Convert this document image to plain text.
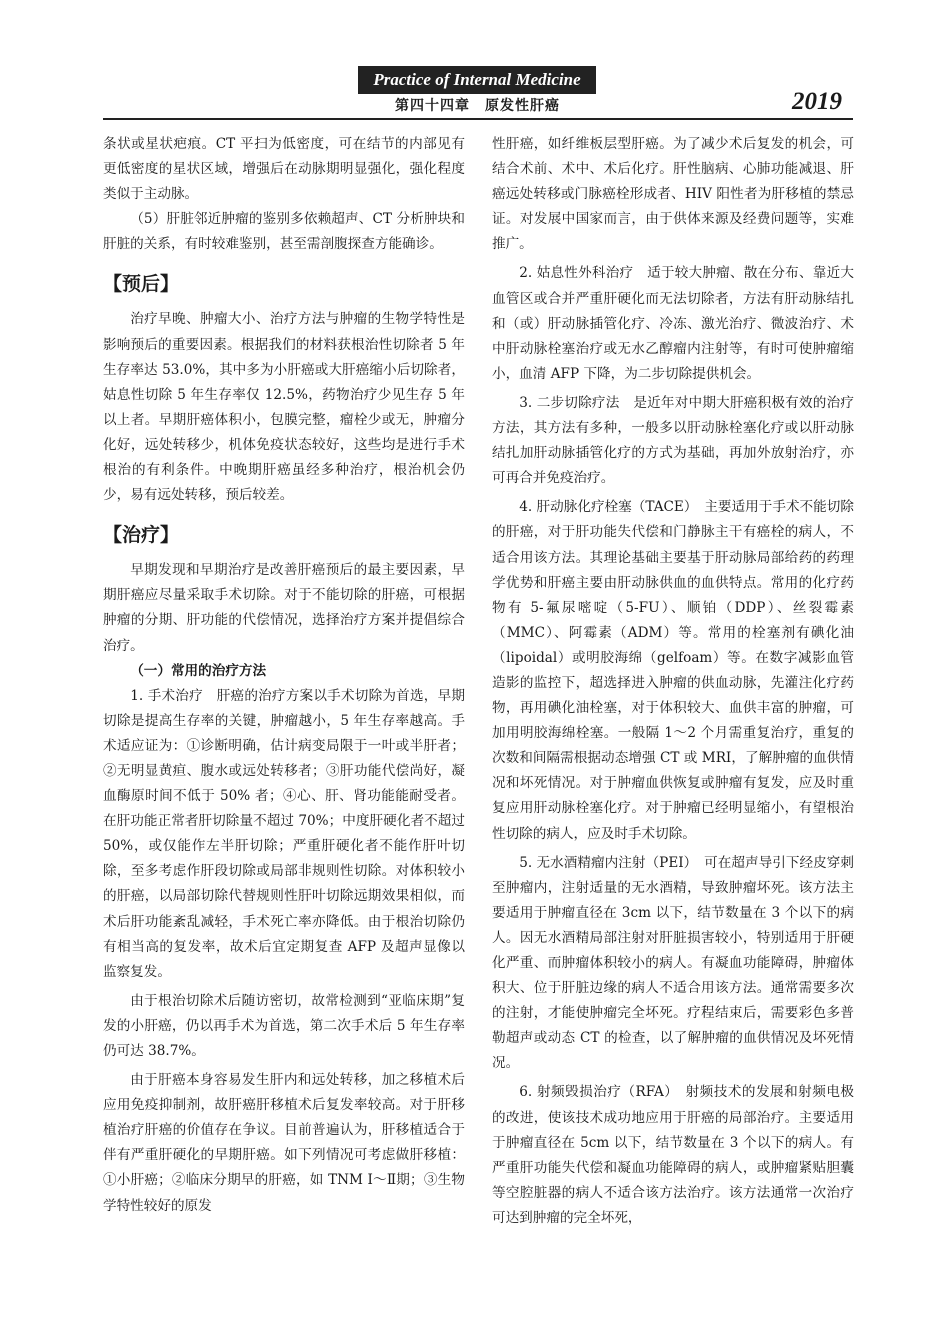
Practice of Internal Medicine
第四十四章　原发性肝癌	2019

条状或星状疤痕。CT 平扫为低密度，可在结节的内部见有更低密度的星状区域，增强后在动脉期明显强化，强化程度类似于主动脉。

（5）肝脏邻近肿瘤的鉴别多依赖超声、CT 分析肿块和肝脏的关系，有时较难鉴别，甚至需剖腹探查方能确诊。

【预后】

治疗早晚、肿瘤大小、治疗方法与肿瘤的生物学特性是影响预后的重要因素。根据我们的材料获根治性切除者 5 年生存率达 53.0%，其中多为小肝癌或大肝癌缩小后切除者，姑息性切除 5 年生存率仅 12.5%，药物治疗少见生存 5 年以上者。早期肝癌体积小，包膜完整，瘤栓少或无，肿瘤分化好，远处转移少，机体免疫状态较好，这些均是进行手术根治的有利条件。中晚期肝癌虽经多种治疗，根治机会仍少，易有远处转移，预后较差。

【治疗】

早期发现和早期治疗是改善肝癌预后的最主要因素，早期肝癌应尽量采取手术切除。对于不能切除的肝癌，可根据肿瘤的分期、肝功能的代偿情况，选择治疗方案并提倡综合治疗。

（一）常用的治疗方法

1. 手术治疗　肝癌的治疗方案以手术切除为首选，早期切除是提高生存率的关键，肿瘤越小，5 年生存率越高。手术适应证为：①诊断明确，估计病变局限于一叶或半肝者；②无明显黄疸、腹水或远处转移者；③肝功能代偿尚好，凝血酶原时间不低于 50% 者；④心、肝、肾功能能耐受者。在肝功能正常者肝切除量不超过 70%；中度肝硬化者不超过 50%，或仅能作左半肝切除；严重肝硬化者不能作肝叶切除，至多考虑作肝段切除或局部非规则性切除。对体积较小的肝癌，以局部切除代替规则性肝叶切除远期效果相似，而术后肝功能紊乱减轻，手术死亡率亦降低。由于根治切除仍有相当高的复发率，故术后宜定期复查 AFP 及超声显像以监察复发。

由于根治切除术后随访密切，故常检测到“亚临床期”复发的小肝癌，仍以再手术为首选，第二次手术后 5 年生存率仍可达 38.7%。

由于肝癌本身容易发生肝内和远处转移，加之移植术后应用免疫抑制剂，故肝癌肝移植术后复发率较高。对于肝移植治疗肝癌的价值存在争议。目前普遍认为，肝移植适合于伴有严重肝硬化的早期肝癌。如下列情况可考虑做肝移植：①小肝癌；②临床分期早的肝癌，如 TNM Ⅰ～Ⅱ期；③生物学特性较好的原发

性肝癌，如纤维板层型肝癌。为了减少术后复发的机会，可结合术前、术中、术后化疗。肝性脑病、心肺功能减退、肝癌远处转移或门脉癌栓形成者、HIV 阳性者为肝移植的禁忌证。对发展中国家而言，由于供体来源及经费问题等，实难推广。

2. 姑息性外科治疗　适于较大肿瘤、散在分布、靠近大血管区或合并严重肝硬化而无法切除者，方法有肝动脉结扎和（或）肝动脉插管化疗、冷冻、激光治疗、微波治疗、术中肝动脉栓塞治疗或无水乙醇瘤内注射等，有时可使肿瘤缩小，血清 AFP 下降，为二步切除提供机会。

3. 二步切除疗法　是近年对中期大肝癌积极有效的治疗方法，其方法有多种，一般多以肝动脉栓塞化疗或以肝动脉结扎加肝动脉插管化疗的方式为基础，再加外放射治疗，亦可再合并免疫治疗。

4. 肝动脉化疗栓塞（TACE）　主要适用于手术不能切除的肝癌，对于肝功能失代偿和门静脉主干有癌栓的病人，不适合用该方法。其理论基础主要基于肝动脉局部给药的药理学优势和肝癌主要由肝动脉供血的血供特点。常用的化疗药物有 5-氟尿嘧啶（5-FU）、顺铂（DDP）、丝裂霉素（MMC）、阿霉素（ADM）等。常用的栓塞剂有碘化油（lipoidal）或明胶海绵（gelfoam）等。在数字减影血管造影的监控下，超选择进入肿瘤的供血动脉，先灌注化疗药物，再用碘化油栓塞，对于体积较大、血供丰富的肿瘤，可加用明胶海绵栓塞。一般隔 1～2 个月需重复治疗，重复的次数和间隔需根据动态增强 CT 或 MRI，了解肿瘤的血供情况和坏死情况。对于肿瘤血供恢复或肿瘤有复发，应及时重复应用肝动脉栓塞化疗。对于肿瘤已经明显缩小，有望根治性切除的病人，应及时手术切除。

5. 无水酒精瘤内注射（PEI）　可在超声导引下经皮穿刺至肿瘤内，注射适量的无水酒精，导致肿瘤坏死。该方法主要适用于肿瘤直径在 3cm 以下，结节数量在 3 个以下的病人。因无水酒精局部注射对肝脏损害较小，特别适用于肝硬化严重、而肿瘤体积较小的病人。有凝血功能障碍，肿瘤体积大、位于肝脏边缘的病人不适合用该方法。通常需要多次的注射，才能使肿瘤完全坏死。疗程结束后，需要彩色多普勒超声或动态 CT 的检查，以了解肿瘤的血供情况及坏死情况。

6. 射频毁损治疗（RFA）　射频技术的发展和射频电极的改进，使该技术成功地应用于肝癌的局部治疗。主要适用于肿瘤直径在 5cm 以下，结节数量在 3 个以下的病人。有严重肝功能失代偿和凝血功能障碍的病人，或肿瘤紧贴胆囊等空腔脏器的病人不适合该方法治疗。该方法通常一次治疗可达到肿瘤的完全坏死，
